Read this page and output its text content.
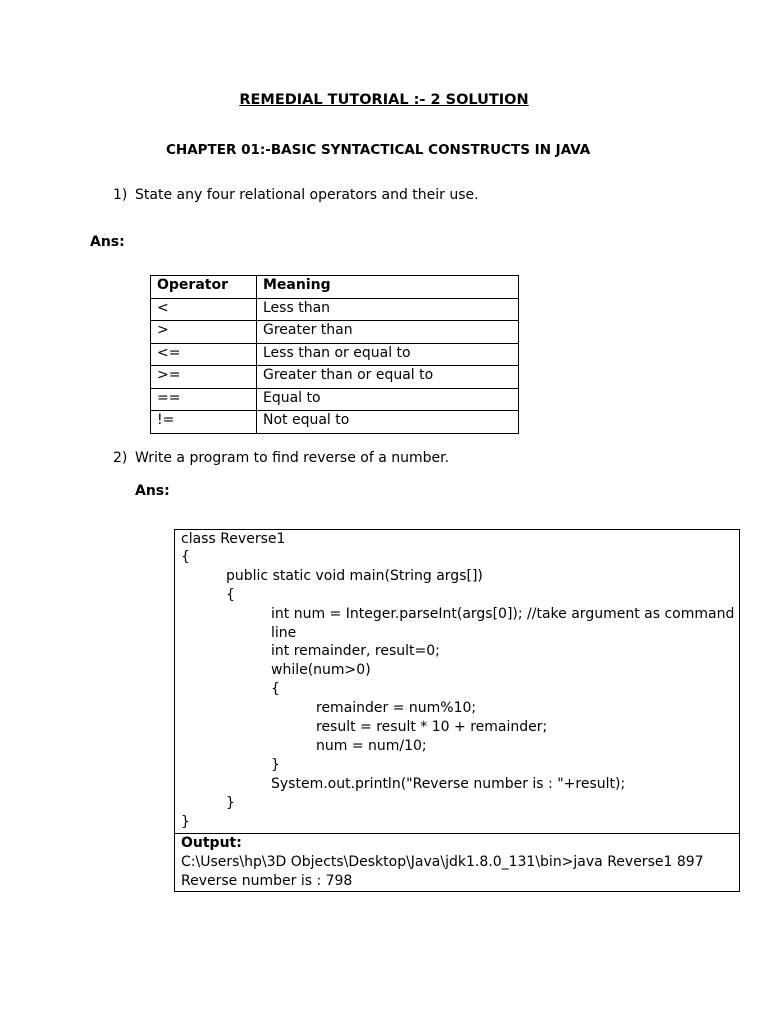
REMEDIAL TUTORIAL :- 2 SOLUTION
CHAPTER 01:-BASIC SYNTACTICAL CONSTRUCTS IN JAVA
1) State any four relational operators and their use.
Ans:
Operator	Meaning
<	Less than
>	Greater than
<=	Less than or equal to
>=	Greater than or equal to
==	Equal to
!=	Not equal to
2) Write a program to find reverse of a number.
Ans:
class Reverse1
{
public static void main(String args[])
{
int num = Integer.parseInt(args[0]); //take argument as command
line
int remainder, result=0;
while(num>0)
{
remainder = num%10;
result = result * 10 + remainder;
num = num/10;
}
System.out.println("Reverse number is : "+result);
}
}
Output:
C:\Users\hp\3D Objects\Desktop\Java\jdk1.8.0_131\bin>java Reverse1 897
Reverse number is : 798
